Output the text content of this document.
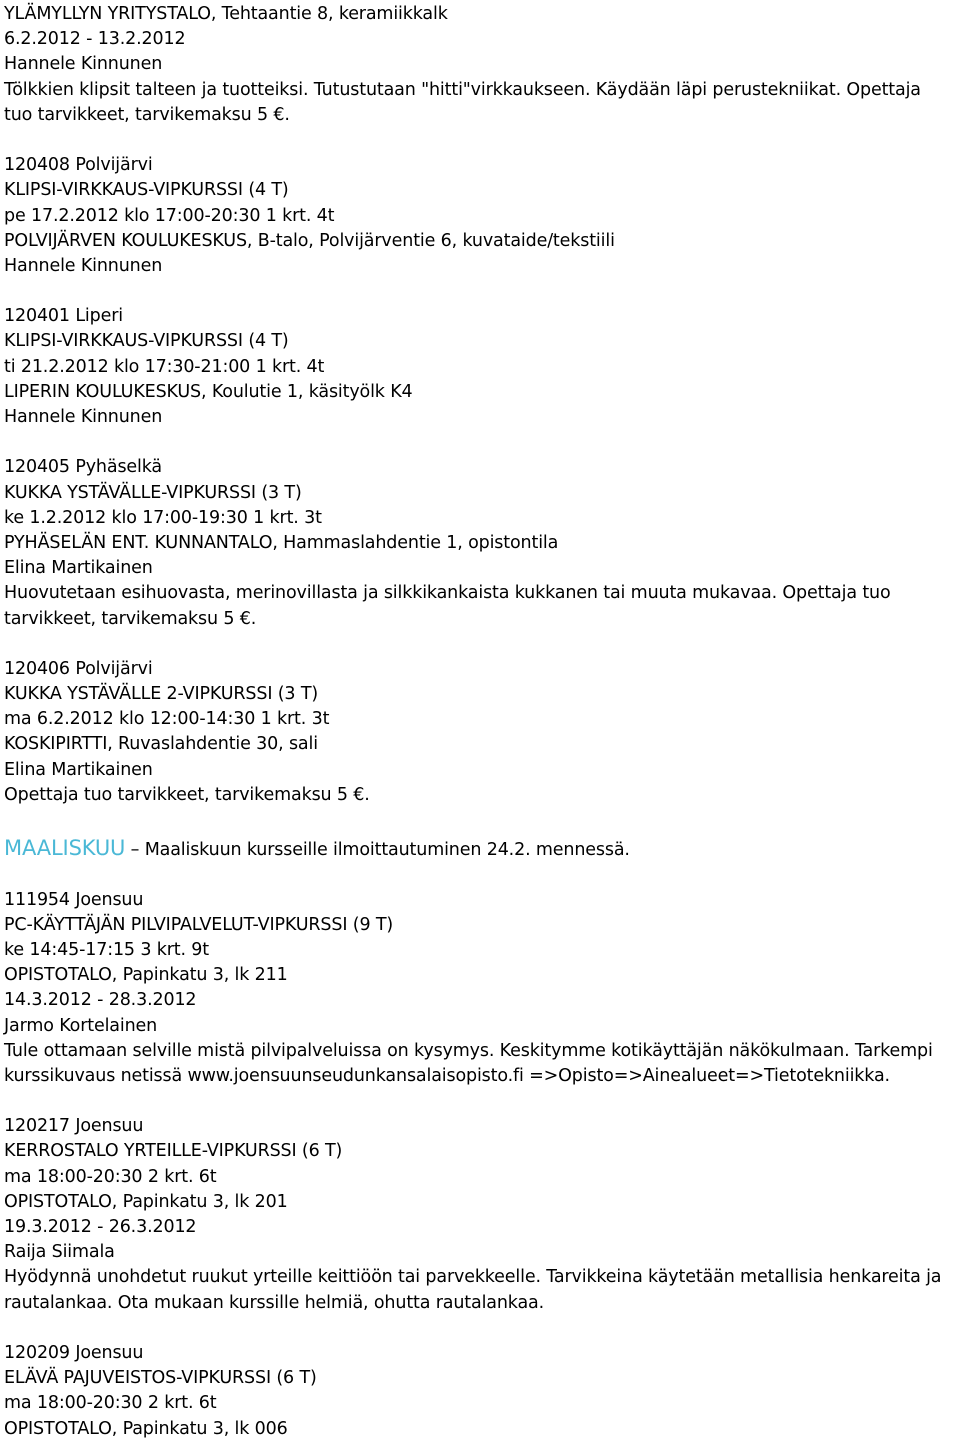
YLÄMYLLYN YRITYSTALO, Tehtaantie 8, keramiikkalk
6.2.2012 - 13.2.2012
Hannele Kinnunen
Tölkkien klipsit talteen ja tuotteiksi. Tutustutaan "hitti"virkkaukseen. Käydään läpi perustekniikat. Opettaja
tuo tarvikkeet, tarvikemaksu 5 €.
120408 Polvijärvi
KLIPSI-VIRKKAUS-VIPKURSSI (4 T)
pe 17.2.2012 klo 17:00-20:30 1 krt. 4t
POLVIJÄRVEN KOULUKESKUS, B-talo, Polvijärventie 6, kuvataide/tekstiili
Hannele Kinnunen
120401 Liperi
KLIPSI-VIRKKAUS-VIPKURSSI (4 T)
ti 21.2.2012 klo 17:30-21:00 1 krt. 4t
LIPERIN KOULUKESKUS, Koulutie 1, käsityölk K4
Hannele Kinnunen
120405 Pyhäselkä
KUKKA YSTÄVÄLLE-VIPKURSSI (3 T)
ke 1.2.2012 klo 17:00-19:30 1 krt. 3t
PYHÄSELÄN ENT. KUNNANTALO, Hammaslahdentie 1, opistontila
Elina Martikainen
Huovutetaan esihuovasta, merinovillasta ja silkkikankaista kukkanen tai muuta mukavaa. Opettaja tuo
tarvikkeet, tarvikemaksu 5 €.
120406 Polvijärvi
KUKKA YSTÄVÄLLE 2-VIPKURSSI (3 T)
ma 6.2.2012 klo 12:00-14:30 1 krt. 3t
KOSKIPIRTTI, Ruvaslahdentie 30, sali
Elina Martikainen
Opettaja tuo tarvikkeet, tarvikemaksu 5 €.
MAALISKUU – Maaliskuun kursseille ilmoittautuminen 24.2. mennessä.
111954 Joensuu
PC-KÄYTTÄJÄN PILVIPALVELUT-VIPKURSSI (9 T)
ke 14:45-17:15 3 krt. 9t
OPISTOTALO, Papinkatu 3, lk 211
14.3.2012 - 28.3.2012
Jarmo Kortelainen
Tule ottamaan selville mistä pilvipalveluissa on kysymys. Keskitymme kotikäyttäjän näkökulmaan. Tarkempi
kurssikuvaus netissä www.joensuunseudunkansalaisopisto.fi =>Opisto=>Ainealueet=>Tietotekniikka.
120217 Joensuu
KERROSTALO YRTEILLE-VIPKURSSI (6 T)
ma 18:00-20:30 2 krt. 6t
OPISTOTALO, Papinkatu 3, lk 201
19.3.2012 - 26.3.2012
Raija Siimala
Hyödynnä unohdetut ruukut yrteille keittiöön tai parvekkeelle. Tarvikkeina käytetään metallisia henkareita ja
rautalankaa. Ota mukaan kurssille helmiä, ohutta rautalankaa.
120209 Joensuu
ELÄVÄ PAJUVEISTOS-VIPKURSSI (6 T)
ma 18:00-20:30 2 krt. 6t
OPISTOTALO, Papinkatu 3, lk 006
